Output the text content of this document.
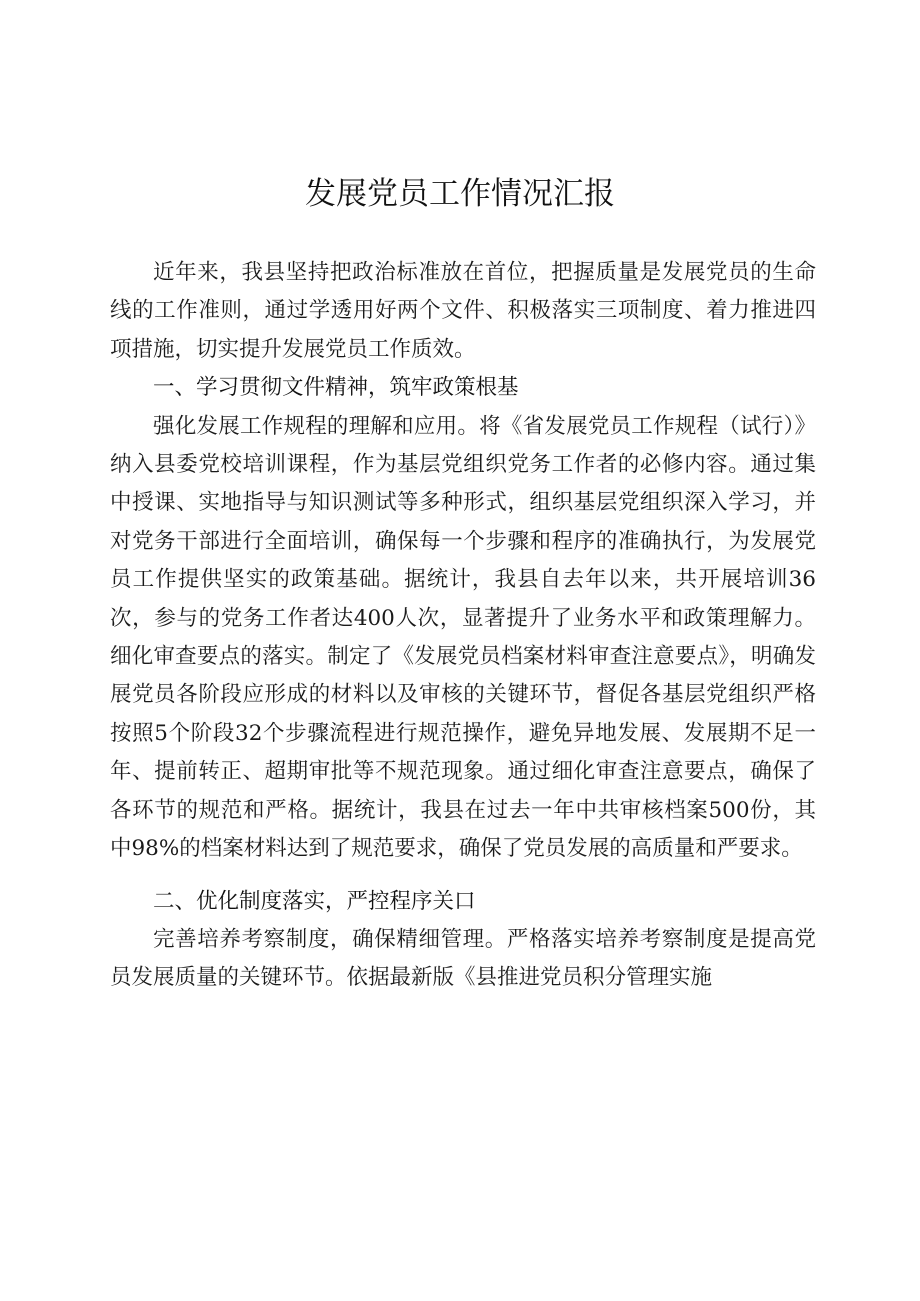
发展党员工作情况汇报

近年来，我县坚持把政治标准放在首位，把握质量是发展党员的生命线的工作准则，通过学透用好两个文件、积极落实三项制度、着力推进四项措施，切实提升发展党员工作质效。

一、学习贯彻文件精神，筑牢政策根基

强化发展工作规程的理解和应用。将《省发展党员工作规程（试行）》纳入县委党校培训课程，作为基层党组织党务工作者的必修内容。通过集中授课、实地指导与知识测试等多种形式，组织基层党组织深入学习，并对党务干部进行全面培训，确保每一个步骤和程序的准确执行，为发展党员工作提供坚实的政策基础。据统计，我县自去年以来，共开展培训36次，参与的党务工作者达400人次，显著提升了业务水平和政策理解力。细化审查要点的落实。制定了《发展党员档案材料审查注意要点》，明确发展党员各阶段应形成的材料以及审核的关键环节，督促各基层党组织严格按照5个阶段32个步骤流程进行规范操作，避免异地发展、发展期不足一年、提前转正、超期审批等不规范现象。通过细化审查注意要点，确保了各环节的规范和严格。据统计，我县在过去一年中共审核档案500份，其中98%的档案材料达到了规范要求，确保了党员发展的高质量和严要求。

二、优化制度落实，严控程序关口

完善培养考察制度，确保精细管理。严格落实培养考察制度是提高党员发展质量的关键环节。依据最新版《县推进党员积分管理实施
